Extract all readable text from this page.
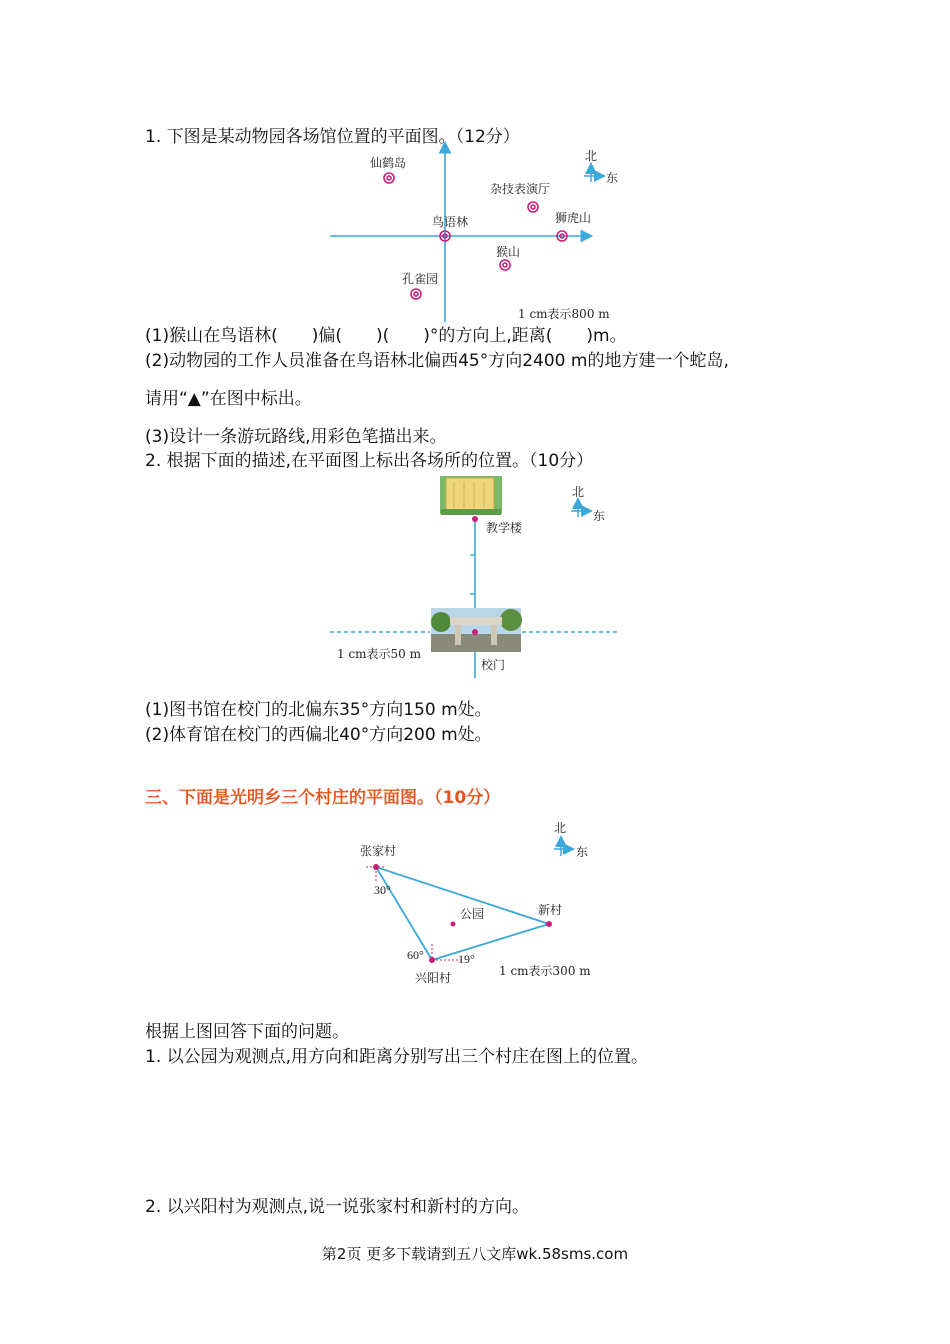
1. 下图是某动物园各场馆位置的平面图。（12分）
北
东
仙鹤岛
杂技表演厅
鸟语林	狮虎山
猴山
孔雀园
1 cm表示800 m
(1)猴山在鸟语林(　　)偏(　　)(　　)°的方向上,距离(　　)m。
(2)动物园的工作人员准备在鸟语林北偏西45°方向2400 m的地方建一个蛇岛,
请用“▲”在图中标出。
(3)设计一条游玩路线,用彩色笔描出来。
2. 根据下面的描述,在平面图上标出各场所的位置。（10分）
教学楼
校门
1 cm表示50 m
北
东
(1)图书馆在校门的北偏东35°方向150 m处。
(2)体育馆在校门的西偏北40°方向200 m处。
三、下面是光明乡三个村庄的平面图。（10分）
北
东
张家村
新村
兴阳村
公园
30°
60°	19°
1 cm表示300 m
根据上图回答下面的问题。
1. 以公园为观测点,用方向和距离分别写出三个村庄在图上的位置。
2. 以兴阳村为观测点,说一说张家村和新村的方向。
第2页 更多下载请到五八文库wk.58sms.com
